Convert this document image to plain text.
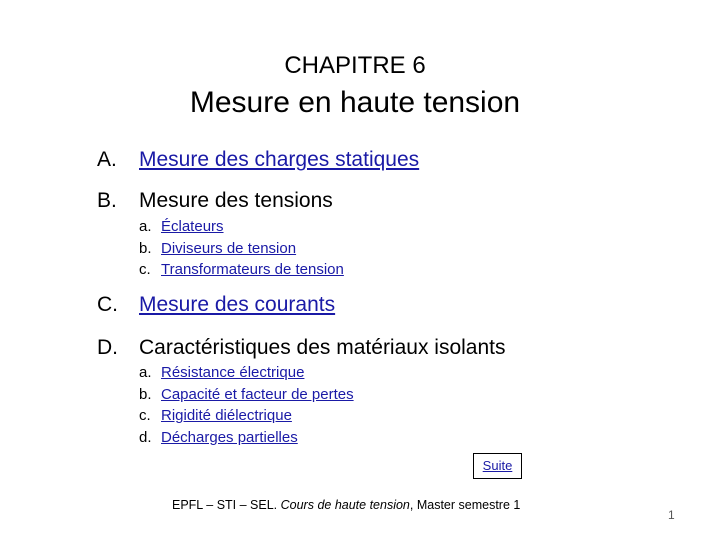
CHAPITRE 6
Mesure en haute tension
A. Mesure des charges statiques
B. Mesure des tensions
a. Éclateurs
b. Diviseurs de tension
c. Transformateurs de tension
C. Mesure des courants
D. Caractéristiques des matériaux isolants
a. Résistance électrique
b. Capacité et facteur de pertes
c. Rigidité diélectrique
d. Décharges partielles
Suite
EPFL – STI – SEL. Cours de haute tension, Master semestre 1
1
